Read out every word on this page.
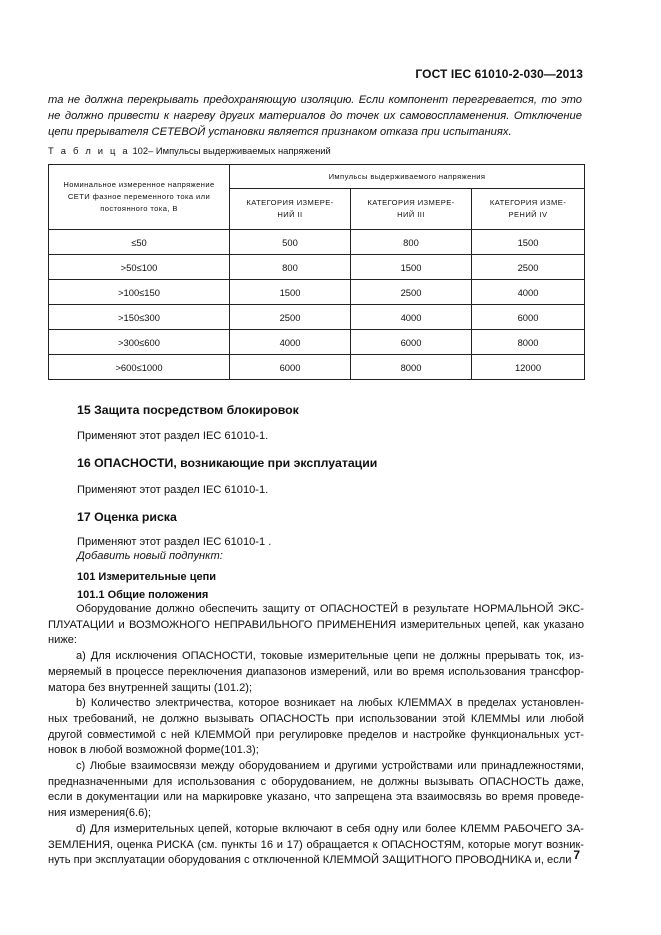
ГОСТ IEC 61010-2-030—2013

та не должна перекрывать предохраняющую изоляцию. Если компонент перегревается, то это не должно привести к нагреву других материалов до точек их самовоспламенения. Отключение цепи прерывателя СЕТЕВОЙ установки является признаком отказа при испытаниях.

Т а б л и ц а 102– Импульсы выдерживаемых напряжений
Номинальное измеренное напряжение СЕТИ фазное переменного тока или постоянного тока, В	Импульсы выдерживаемого напряжения		
	КАТЕГОРИЯ ИЗМЕРЕ-НИЙ II	КАТЕГОРИЯ ИЗМЕРЕ-НИЙ III	КАТЕГОРИЯ ИЗМЕ-РЕНИЙ IV
≤50	500	800	1500
>50≤100	800	1500	2500
>100≤150	1500	2500	4000
>150≤300	2500	4000	6000
>300≤600	4000	6000	8000
>600≤1000	6000	8000	12000
15 Защита посредством блокировок
Применяют этот раздел IEC 61010-1.
16 ОПАСНОСТИ, возникающие при эксплуатации
Применяют этот раздел IEC 61010-1.
17 Оценка риска
Применяют этот раздел IEC 61010-1 .
Добавить новый подпункт:
101 Измерительные цепи
101.1 Общие положения

Оборудование должно обеспечить защиту от ОПАСНОСТЕЙ в результате НОРМАЛЬНОЙ ЭКС-ПЛУАТАЦИИ и ВОЗМОЖНОГО НЕПРАВИЛЬНОГО ПРИМЕНЕНИЯ измерительных цепей, как указано ниже:

а) Для исключения ОПАСНОСТИ, токовые измерительные цепи не должны прерывать ток, из-меряемый в процессе переключения диапазонов измерений, или во время использования трансфор-матора без внутренней защиты (101.2);

b) Количество электричества, которое возникает на любых КЛЕММАХ в пределах установлен-ных требований, не должно вызывать ОПАСНОСТЬ при использовании этой КЛЕММЫ или любой другой совместимой с ней КЛЕММОЙ при регулировке пределов и настройке функциональных уст-новок в любой возможной форме(101.3);

с) Любые взаимосвязи между оборудованием и другими устройствами или принадлежностями, предназначенными для использования с оборудованием, не должны вызывать ОПАСНОСТЬ даже, если в документации или на маркировке указано, что запрещена эта взаимосвязь во время проведе-ния измерения(6.6);

d) Для измерительных цепей, которые включают в себя одну или более КЛЕММ РАБОЧЕГО ЗА-ЗЕМЛЕНИЯ, оценка РИСКА (см. пункты 16 и 17) обращается к ОПАСНОСТЯМ, которые могут возник-нуть при эксплуатации оборудования с отключенной КЛЕММОЙ ЗАЩИТНОГО ПРОВОДНИКА и, если 7
